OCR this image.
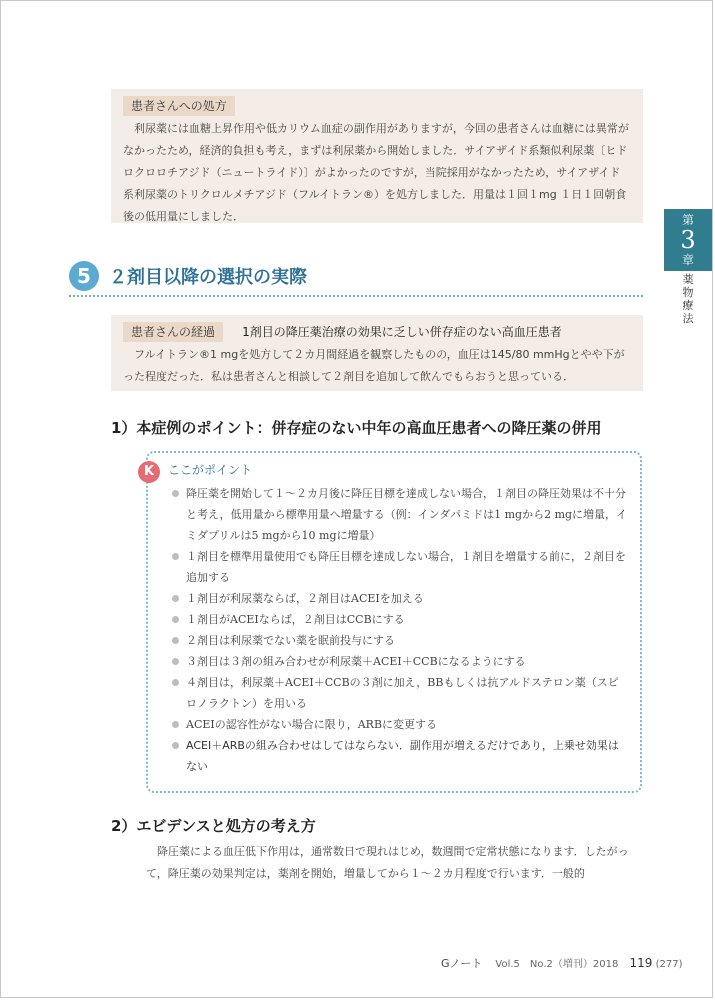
患者さんへの処方
利尿薬には血糖上昇作用や低カリウム血症の副作用がありますが，今回の患者さんは血糖には異常がなかったため，経済的負担も考え，まずは利尿薬から開始しました．サイアザイド系類似利尿薬〔ヒドロクロロチアジド（ニュートライド）〕がよかったのですが，当院採用がなかったため，サイアザイド系利尿薬のトリクロルメチアジド（フルイトラン®）を処方しました．用量は１回１mg １日１回朝食後の低用量にしました．	第
3
章
薬物療法
5	２剤目以降の選択の実際
患者さんの経過 1剤目の降圧薬治療の効果に乏しい併存症のない高血圧患者
フルイトラン®1 mgを処方して２カ月間経過を観察したものの，血圧は145/80 mmHgとやや下がった程度だった．私は患者さんと相談して２剤目を追加して飲んでもらおうと思っている．
1）本症例のポイント：併存症のない中年の高血圧患者への降圧薬の併用
K	ここがポイント
降圧薬を開始して１～２カ月後に降圧目標を達成しない場合，１剤目の降圧効果は不十分と考え，低用量から標準用量へ増量する（例：インダパミドは1 mgから2 mgに増量，イミダプリルは5 mgから10 mgに増量）
１剤目を標準用量使用でも降圧目標を達成しない場合，１剤目を増量する前に，２剤目を追加する
１剤目が利尿薬ならば，２剤目はACEIを加える
１剤目がACEIならば，２剤目はCCBにする
２剤目は利尿薬でない薬を眠前投与にする
３剤目は３剤の組み合わせが利尿薬＋ACEI＋CCBになるようにする
４剤目は，利尿薬＋ACEI＋CCBの３剤に加え，BBもしくは抗アルドステロン薬（スピロノラクトン）を用いる
ACEIの認容性がない場合に限り，ARBに変更する
ACEI＋ARBの組み合わせはしてはならない．副作用が増えるだけであり，上乗せ効果はない
2）エビデンスと処方の考え方
降圧薬による血圧低下作用は，通常数日で現れはじめ，数週間で定常状態になります．したがって，降圧薬の効果判定は，薬剤を開始，増量してから１～２カ月程度で行います．一般的
Gノート Vol.5　No.2（増刊）2018 119 (277)
